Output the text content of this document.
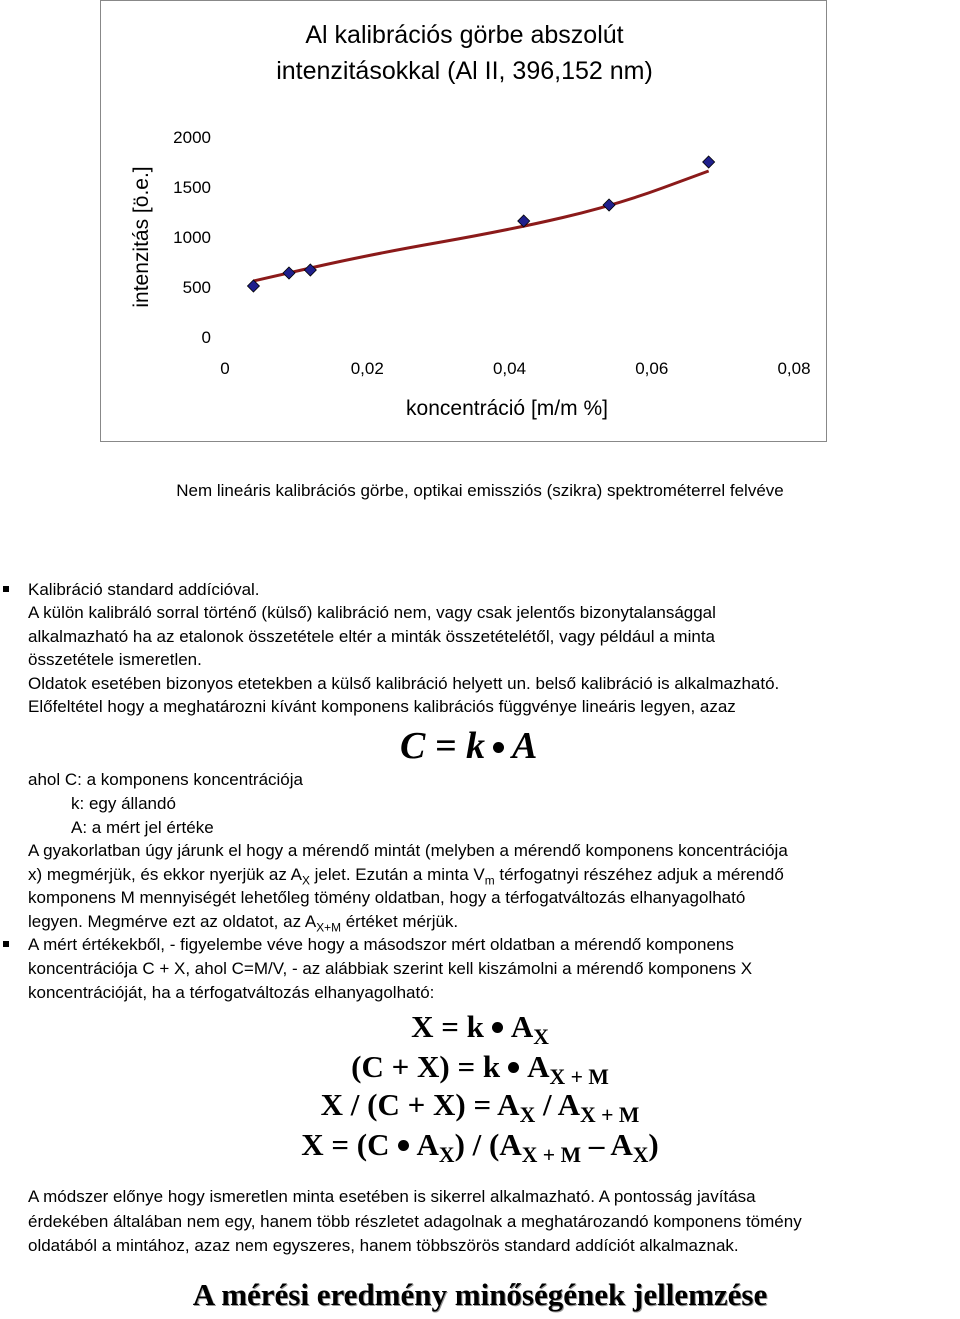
Al kalibrációs görbe abszolút
intenzitásokkal (Al II, 396,152 nm)
0
500
1000
1500
2000
0	0,02	0,04	0,06	0,08
koncentráció [m/m %]
intenzitás [ö.e.]
Nem lineáris kalibrációs görbe, optikai emissziós (szikra) spektrométerrel felvéve
Kalibráció standard addícióval.
A külön kalibráló sorral történő (külső) kalibráció nem, vagy csak jelentős bizonytalansággal
alkalmazható ha az etalonok összetétele eltér a minták összetételétől, vagy például a minta
összetétele ismeretlen.
Oldatok esetében bizonyos etetekben a külső kalibráció helyett un. belső kalibráció is alkalmazható.
Előfeltétel hogy a meghatározni kívánt komponens kalibrációs függvénye lineáris legyen, azaz
C = k A
ahol C: a komponens koncentrációja
k: egy állandó
A: a mért jel értéke
A gyakorlatban úgy járunk el hogy a mérendő mintát (melyben a mérendő komponens koncentrációja
x) megmérjük, és ekkor nyerjük az $A_X$ jelet. Ezután a minta $V_m$ térfogatnyi részéhez adjuk a mérendő
komponens M mennyiségét lehetőleg tömény oldatban, hogy a térfogatváltozás elhanyagolható
legyen. Megmérve ezt az oldatot, az $A_{X+M}$ értéket mérjük.
A mért értékekből, - figyelembe véve hogy a másodszor mért oldatban a mérendő komponens
koncentrációja C + X, ahol C=M/V, - az alábbiak szerint kell kiszámolni a mérendő komponens X
koncentrációját, ha a térfogatváltozás elhanyagolható:
X = k $A_X$
(C + X) = k $A_{X + M}$
$X / (C + X) = A_X / A_{X + M}$
X = (C $A_X) / (A_{X + M} - A_X)$
A módszer előnye hogy ismeretlen minta esetében is sikerrel alkalmazható. A pontosság javítása
érdekében általában nem egy, hanem több részletet adagolnak a meghatározandó komponens tömény
oldatából a mintához, azaz nem egyszeres, hanem többszörös standard addíciót alkalmaznak.
A mérési eredmény minőségének jellemzése
